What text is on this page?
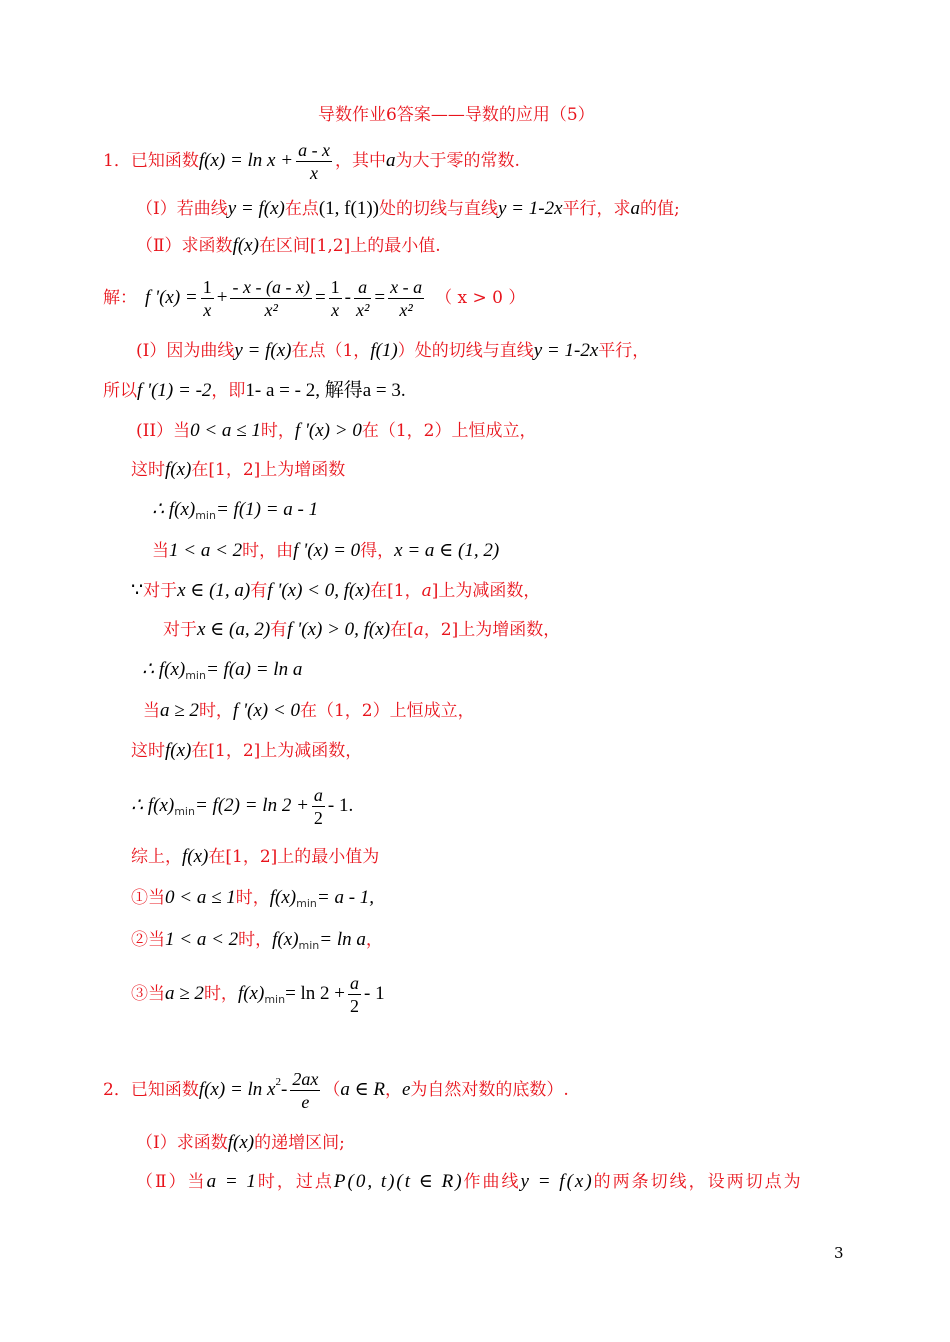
导数作业6答案——导数的应用（5）
1．已知函数 $f(x) = \ln x + \frac{a - x}{x}$ ，其中 a 为大于零的常数.
（Ⅰ）若曲线 y = f(x) 在点 (1, f(1)) 处的切线与直线 y = 1-2x 平行，求 a 的值;
（Ⅱ）求函数 f(x) 在区间[1,2]上的最小值.
解： f '$(x) = \frac{1}{x} + \frac{- x - (a - x)}{\text{x²}} = \frac{1}{x} - \frac{a}{\text{x²}} = \frac{x - a}{\text{x²}}$ （ x > 0 ）
(I）因为曲线 y = f(x) 在点（1， f(1) ）处的切线与直线 y = 1-2x 平行，
所以 f '(1) = -2 ，即 1- a = - 2, 解得a = 3.
(II）当 0 < a ≤ 1 时， f '(x) > 0 在（1，2）上恒成立，
这时 f(x) 在[1，2]上为增函数
∴ f(x) min = f(1) = a - 1
当 1 < a < 2 时，由 f '(x) = 0 得， x = a ∈ (1, 2)
∵ 对于 x ∈ (1, a) 有 f '(x) < 0, f(x) 在[1， a ]上为减函数，
对于 x ∈ (a, 2) 有 f '(x) > 0, f(x) 在[ a ，2]上为增函数，
∴ f(x) min = f(a) = ln a
当 a ≥ 2 时， f '(x) < 0 在（1，2）上恒成立，
这时 f(x) 在[1，2]上为减函数，
∴ f(x) $\min = f(2) = \ln 2 + \frac{a}{2} - 1$.
综上， f(x) 在[1，2]上的最小值为
①当 0 < a ≤ 1 时， f(x) min = a - 1,
②当 1 < a < 2 时， f(x) min = ln a ，
③当 a ≥ 2 时， f(x) $\min = \ln 2 + \frac{a}{2} - 1$
2．已知函数 f(x) = ln x $2 - \frac{2ax}{e}$ （ a ∈ R ， e 为自然对数的底数）.
（Ⅰ）求函数 f(x) 的递增区间;
（Ⅱ）当 a = 1 时，过点 P(0, t)(t ∈ R) 作曲线 y = f(x) 的两条切线，设两切点为
3
